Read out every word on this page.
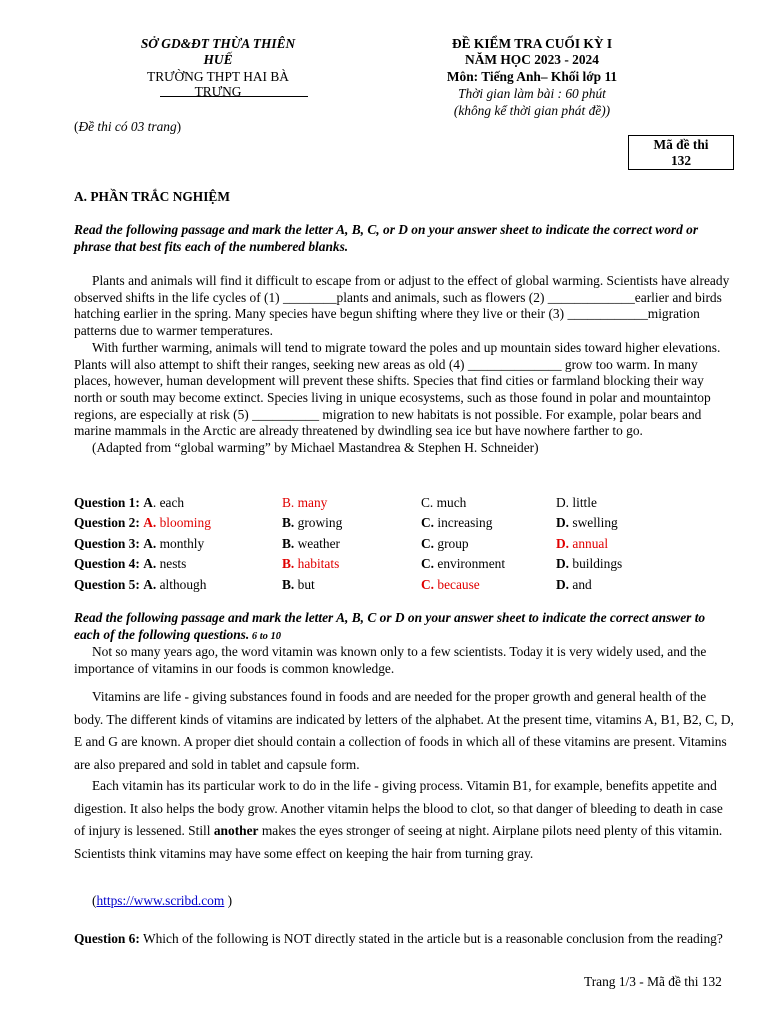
SỞ GD&ĐT THỪA THIÊN
HUẾ
TRƯỜNG THPT HAI BÀ
TRƯNG
(Đề thi có 03 trang)
ĐỀ KIỂM TRA CUỐI KỲ I
NĂM HỌC 2023 - 2024
Môn: Tiếng Anh– Khối lớp 11
Thời gian làm bài : 60 phút
(không kể thời gian phát đề))
Mã đề thi
132
A. PHẦN TRẮC NGHIỆM
Read the following passage and mark the letter A, B, C, or D on your answer sheet to indicate the correct word or phrase that best fits each of the numbered blanks.

Plants and animals will find it difficult to escape from or adjust to the effect of global warming. Scientists have already observed shifts in the life cycles of (1) ________plants and animals, such as flowers (2) _____________earlier and birds hatching earlier in the spring. Many species have begun shifting where they live or their (3) ____________migration patterns due to warmer temperatures.

With further warming, animals will tend to migrate toward the poles and up mountain sides toward higher elevations. Plants will also attempt to shift their ranges, seeking new areas as old (4) ______________ grow too warm. In many places, however, human development will prevent these shifts. Species that find cities or farmland blocking their way north or south may become extinct. Species living in unique ecosystems, such as those found in polar and mountaintop regions, are especially at risk (5) __________ migration to new habitats is not possible. For example, polar bears and marine mammals in the Arctic are already threatened by dwindling sea ice but have nowhere farther to go.

(Adapted from “global warming” by Michael Mastandrea & Stephen H. Schneider)

Question 1: A. each	B. many	C. much	D. little
Question 2: A. blooming	B. growing	C. increasing	D. swelling
Question 3: A. monthly	B. weather	C. group	D. annual
Question 4: A. nests	B. habitats	C. environment	D. buildings
Question 5: A. although	B. but	C. because	D. and
Read the following passage and mark the letter A, B, C or D on your answer sheet to indicate the correct answer to each of the following questions. 6 to 10
Not so many years ago, the word vitamin was known only to a few scientists. Today it is very widely used, and the importance of vitamins in our foods is common knowledge.
Vitamins are life - giving substances found in foods and are needed for the proper growth and general health of the body. The different kinds of vitamins are indicated by letters of the alphabet. At the present time, vitamins A, B1, B2, C, D, E and G are known. A proper diet should contain a collection of foods in which all of these vitamins are present. Vitamins are also prepared and sold in tablet and capsule form.
Each vitamin has its particular work to do in the life - giving process. Vitamin B1, for example, benefits appetite and digestion. It also helps the body grow. Another vitamin helps the blood to clot, so that danger of bleeding to death in case of injury is lessened. Still another makes the eyes stronger of seeing at night. Airplane pilots need plenty of this vitamin. Scientists think vitamins may have some effect on keeping the hair from turning gray.
(https://www.scribd.com )
Question 6: Which of the following is NOT directly stated in the article but is a reasonable conclusion from the reading?
Trang 1/3 - Mã đề thi 132
